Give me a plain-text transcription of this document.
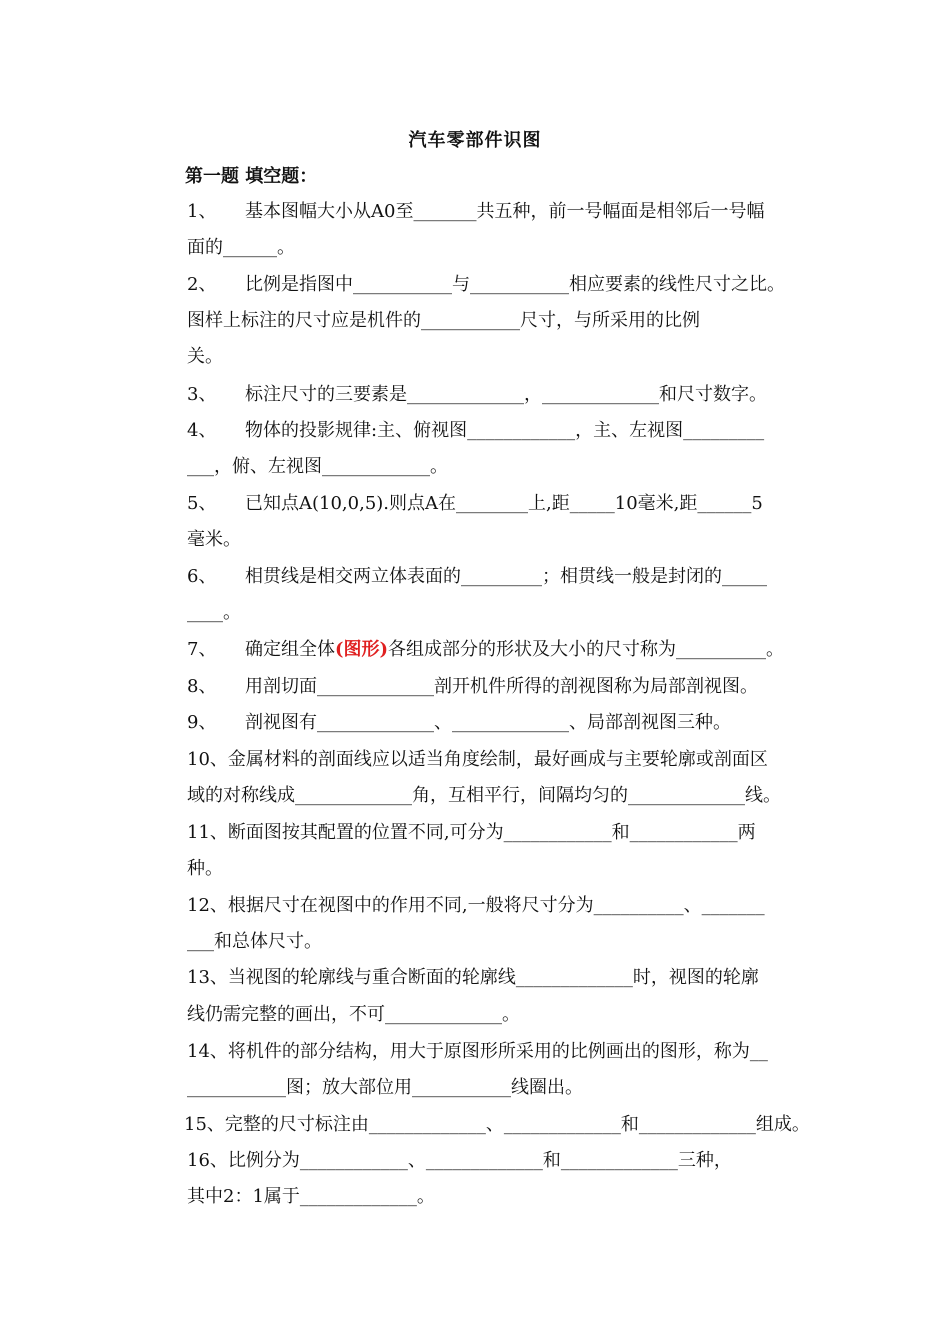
汽车零部件识图
第一题 填空题：
1、 基本图幅大小从A0至_______共五种，前一号幅面是相邻后一号幅
面的______。
2、 比例是指图中___________与___________相应要素的线性尺寸之比。
图样上标注的尺寸应是机件的___________尺寸，与所采用的比例
关。
3、 标注尺寸的三要素是_____________，_____________和尺寸数字。
4、 物体的投影规律:主、俯视图____________，主、左视图_________
___，俯、左视图____________。
5、 已知点A(10,0,5).则点A在________上,距_____10毫米,距______5
毫米。
6、 相贯线是相交两立体表面的_________；相贯线一般是封闭的_____
____。
7、 确定组全体(图形)各组成部分的形状及大小的尺寸称为__________。
8、 用剖切面_____________剖开机件所得的剖视图称为局部剖视图。
9、 剖视图有_____________、_____________、局部剖视图三种。
10、金属材料的剖面线应以适当角度绘制，最好画成与主要轮廓或剖面区
域的对称线成_____________角，互相平行，间隔均匀的_____________线。
11、断面图按其配置的位置不同,可分为____________和____________两
种。
12、根据尺寸在视图中的作用不同,一般将尺寸分为__________、_______
___和总体尺寸。
13、当视图的轮廓线与重合断面的轮廓线_____________时，视图的轮廓
线仍需完整的画出，不可_____________。
14、将机件的部分结构，用大于原图形所采用的比例画出的图形，称为__
___________图；放大部位用___________线圈出。
15、完整的尺寸标注由_____________、_____________和_____________组成。
16、比例分为____________、_____________和_____________三种，
其中2：1属于_____________。
